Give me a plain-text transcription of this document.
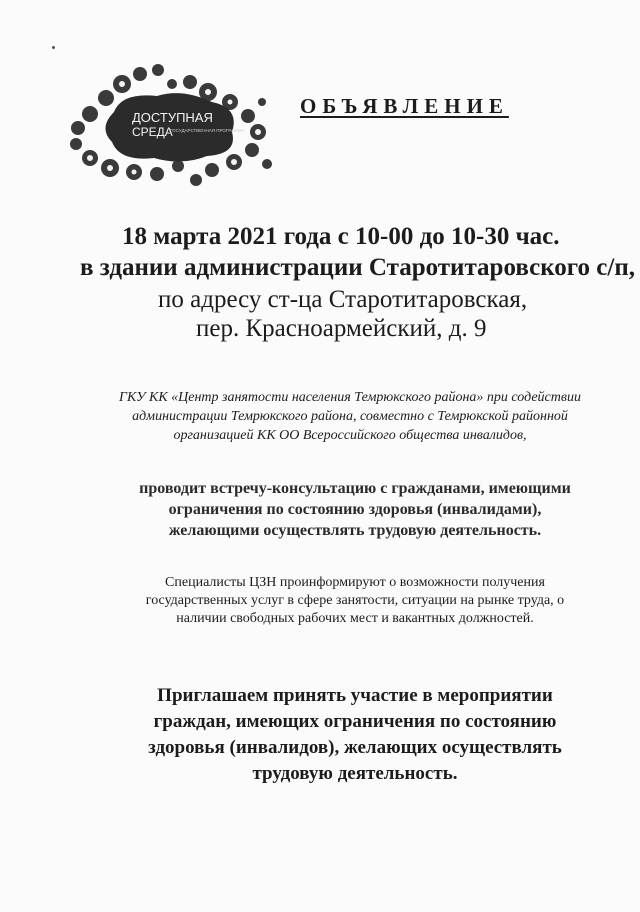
ДОСТУПНАЯ
СРЕДА
ГОСУДАРСТВЕННАЯ ПРОГРАММА
ОБЪЯВЛЕНИЕ
18 марта 2021 года с 10-00 до 10-30 час.
в здании администрации Старотитаровского с/п,
по адресу ст-ца Старотитаровская,
пер. Красноармейский, д. 9
ГКУ КК «Центр занятости населения Темрюкского района» при содействии
администрации Темрюкского района, совместно с Темрюкской районной
организацией КК ОО Всероссийского общества инвалидов,
проводит встречу-консультацию с гражданами, имеющими
ограничения по состоянию здоровья (инвалидами),
желающими осуществлять трудовую деятельность.
Специалисты ЦЗН проинформируют о возможности получения
государственных услуг в сфере занятости, ситуации на рынке труда, о
наличии свободных рабочих мест и вакантных должностей.
Приглашаем принять участие в мероприятии
граждан, имеющих ограничения по состоянию
здоровья (инвалидов), желающих осуществлять
трудовую деятельность.
